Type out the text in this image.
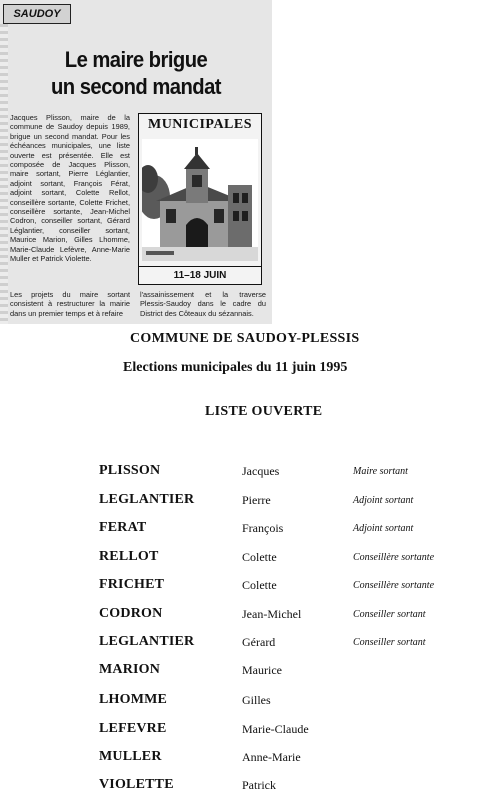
SAUDOY
Le maire brigue
un second mandat
Jacques Plisson, maire de la commune de Saudoy depuis 1989, brigue un second mandat. Pour les échéances municipales, une liste ouverte est présentée. Elle est composée de Jacques Plisson, maire sortant, Pierre Léglantier, adjoint sortant, François Férat, adjoint sortant, Colette Rellot, conseillère sortante, Colette Frichet, conseillère sortante, Jean-Michel Codron, conseiller sortant, Gérard Léglantier, conseiller sortant, Maurice Marion, Gilles Lhomme, Marie-Claude Lefèvre, Anne-Marie Muller et Patrick Violette.
Les projets du maire sortant consistent à restructurer la mairie dans un premier temps et à refaire
l'assainissement et la traverse Plessis-Saudoy dans le cadre du District des Côteaux du sézannais.
MUNICIPALES
11–18 JUIN
COMMUNE DE SAUDOY-PLESSIS
Elections municipales du 11 juin 1995
LISTE OUVERTE
PLISSON	Jacques	Maire sortant
LEGLANTIER	Pierre	Adjoint sortant
FERAT	François	Adjoint sortant
RELLOT	Colette	Conseillère sortante
FRICHET	Colette	Conseillère sortante
CODRON	Jean-Michel	Conseiller sortant
LEGLANTIER	Gérard	Conseiller sortant
MARION	Maurice
LHOMME	Gilles
LEFEVRE	Marie-Claude
MULLER	Anne-Marie
VIOLETTE	Patrick
